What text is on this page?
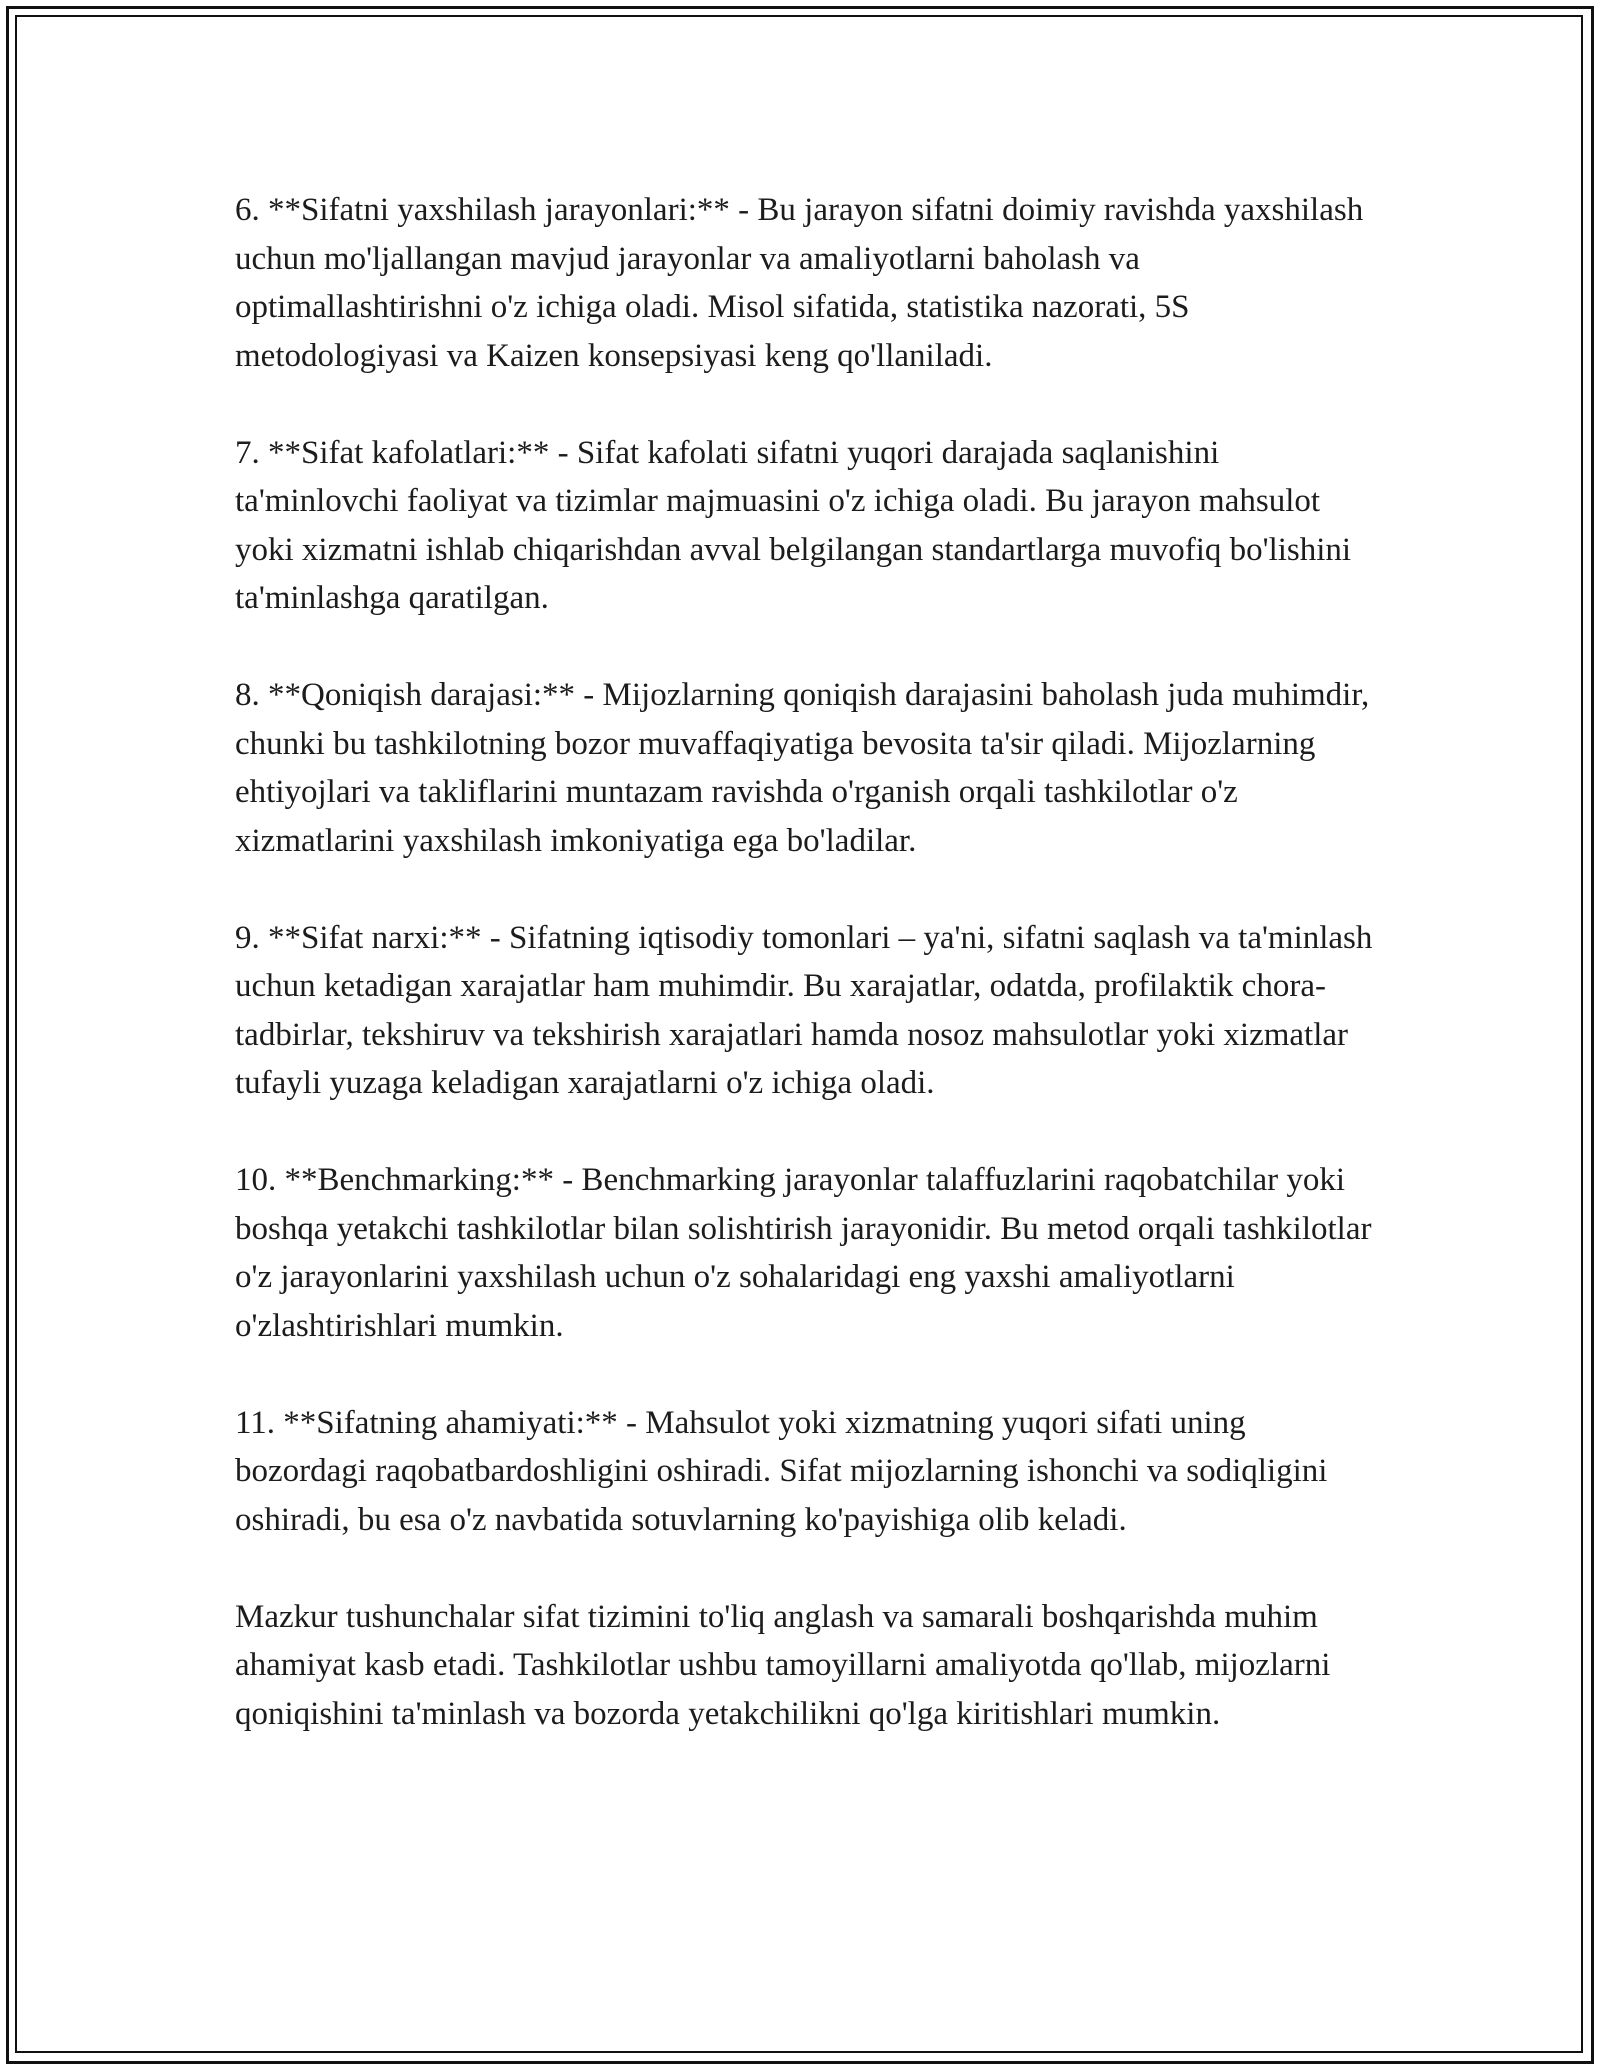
6. **Sifatni yaxshilash jarayonlari:** - Bu jarayon sifatni doimiy ravishda yaxshilash uchun mo'ljallangan mavjud jarayonlar va amaliyotlarni baholash va optimallashtirishni o'z ichiga oladi. Misol sifatida, statistika nazorati, 5S metodologiyasi va Kaizen konsepsiyasi keng qo'llaniladi.

7. **Sifat kafolatlari:** - Sifat kafolati sifatni yuqori darajada saqlanishini ta'minlovchi faoliyat va tizimlar majmuasini o'z ichiga oladi. Bu jarayon mahsulot yoki xizmatni ishlab chiqarishdan avval belgilangan standartlarga muvofiq bo'lishini ta'minlashga qaratilgan.

8. **Qoniqish darajasi:** - Mijozlarning qoniqish darajasini baholash juda muhimdir, chunki bu tashkilotning bozor muvaffaqiyatiga bevosita ta'sir qiladi. Mijozlarning ehtiyojlari va takliflarini muntazam ravishda o'rganish orqali tashkilotlar o'z xizmatlarini yaxshilash imkoniyatiga ega bo'ladilar.

9. **Sifat narxi:** - Sifatning iqtisodiy tomonlari – ya'ni, sifatni saqlash va ta'minlash uchun ketadigan xarajatlar ham muhimdir. Bu xarajatlar, odatda, profilaktik chora-tadbirlar, tekshiruv va tekshirish xarajatlari hamda nosoz mahsulotlar yoki xizmatlar tufayli yuzaga keladigan xarajatlarni o'z ichiga oladi.

10. **Benchmarking:** - Benchmarking jarayonlar talaffuzlarini raqobatchilar yoki boshqa yetakchi tashkilotlar bilan solishtirish jarayonidir. Bu metod orqali tashkilotlar o'z jarayonlarini yaxshilash uchun o'z sohalaridagi eng yaxshi amaliyotlarni o'zlashtirishlari mumkin.

11. **Sifatning ahamiyati:** - Mahsulot yoki xizmatning yuqori sifati uning bozordagi raqobatbardoshligini oshiradi. Sifat mijozlarning ishonchi va sodiqligini oshiradi, bu esa o'z navbatida sotuvlarning ko'payishiga olib keladi.

Mazkur tushunchalar sifat tizimini to'liq anglash va samarali boshqarishda muhim ahamiyat kasb etadi. Tashkilotlar ushbu tamoyillarni amaliyotda qo'llab, mijozlarni qoniqishini ta'minlash va bozorda yetakchilikni qo'lga kiritishlari mumkin.
